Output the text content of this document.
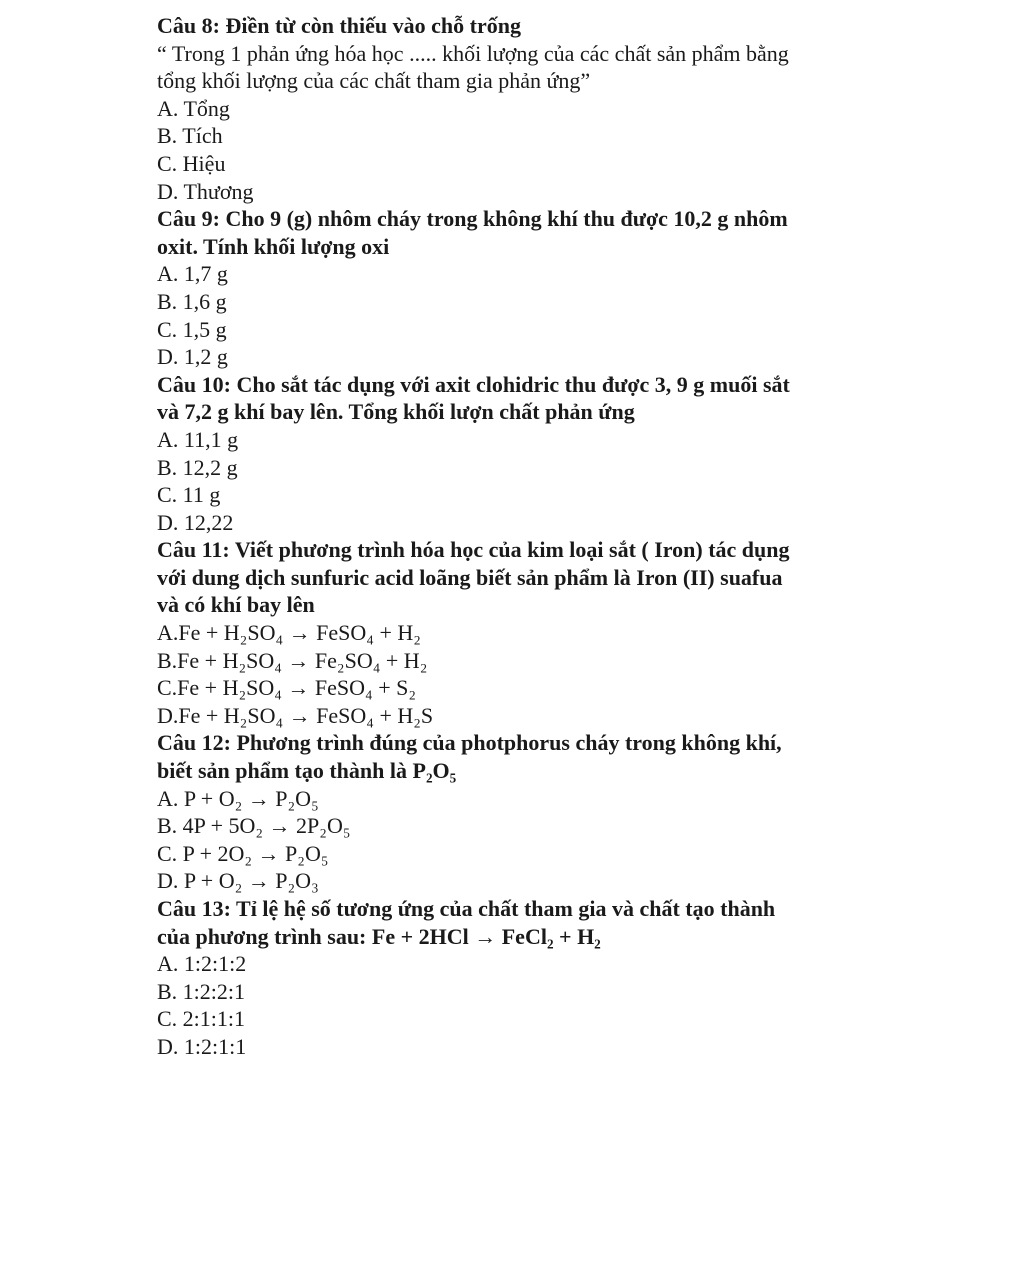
Câu 8: Điền từ còn thiếu vào chỗ trống
“ Trong 1 phản ứng hóa học ..... khối lượng của các chất sản phẩm bằng
tổng khối lượng của các chất tham gia phản ứng”
A. Tổng
B. Tích
C. Hiệu
D. Thương
Câu 9: Cho 9 (g) nhôm cháy trong không khí thu được 10,2 g nhôm
oxit. Tính khối lượng oxi
A. 1,7 g
B. 1,6 g
C. 1,5 g
D. 1,2 g
Câu 10: Cho sắt tác dụng với axit clohidric thu được 3, 9 g muối sắt
và 7,2 g khí bay lên. Tổng khối lượn chất phản ứng
A. 11,1 g
B. 12,2 g
C. 11 g
D. 12,22
Câu 11: Viết phương trình hóa học của kim loại sắt ( Iron) tác dụng
với dung dịch sunfuric acid loãng biết sản phẩm là Iron (II) suafua
và có khí bay lên
A.Fe + H₂SO₄ → FeSO₄ + H₂
B.Fe + H₂SO₄ → Fe₂SO₄ + H₂
C.Fe + H₂SO₄ → FeSO₄ + S₂
D.Fe + H₂SO₄ → FeSO₄ + H₂S
Câu 12: Phương trình đúng của photphorus cháy trong không khí,
biết sản phẩm tạo thành là P₂O₅
A. P + O₂ → P₂O₅
B. 4P + 5O₂ → 2P₂O₅
C. P + 2O₂ → P₂O₅
D. P + O₂ → P₂O₃
Câu 13: Tỉ lệ hệ số tương ứng của chất tham gia và chất tạo thành
của phương trình sau: Fe + 2HCl → FeCl₂ + H₂
A. 1:2:1:2
B. 1:2:2:1
C. 2:1:1:1
D. 1:2:1:1
